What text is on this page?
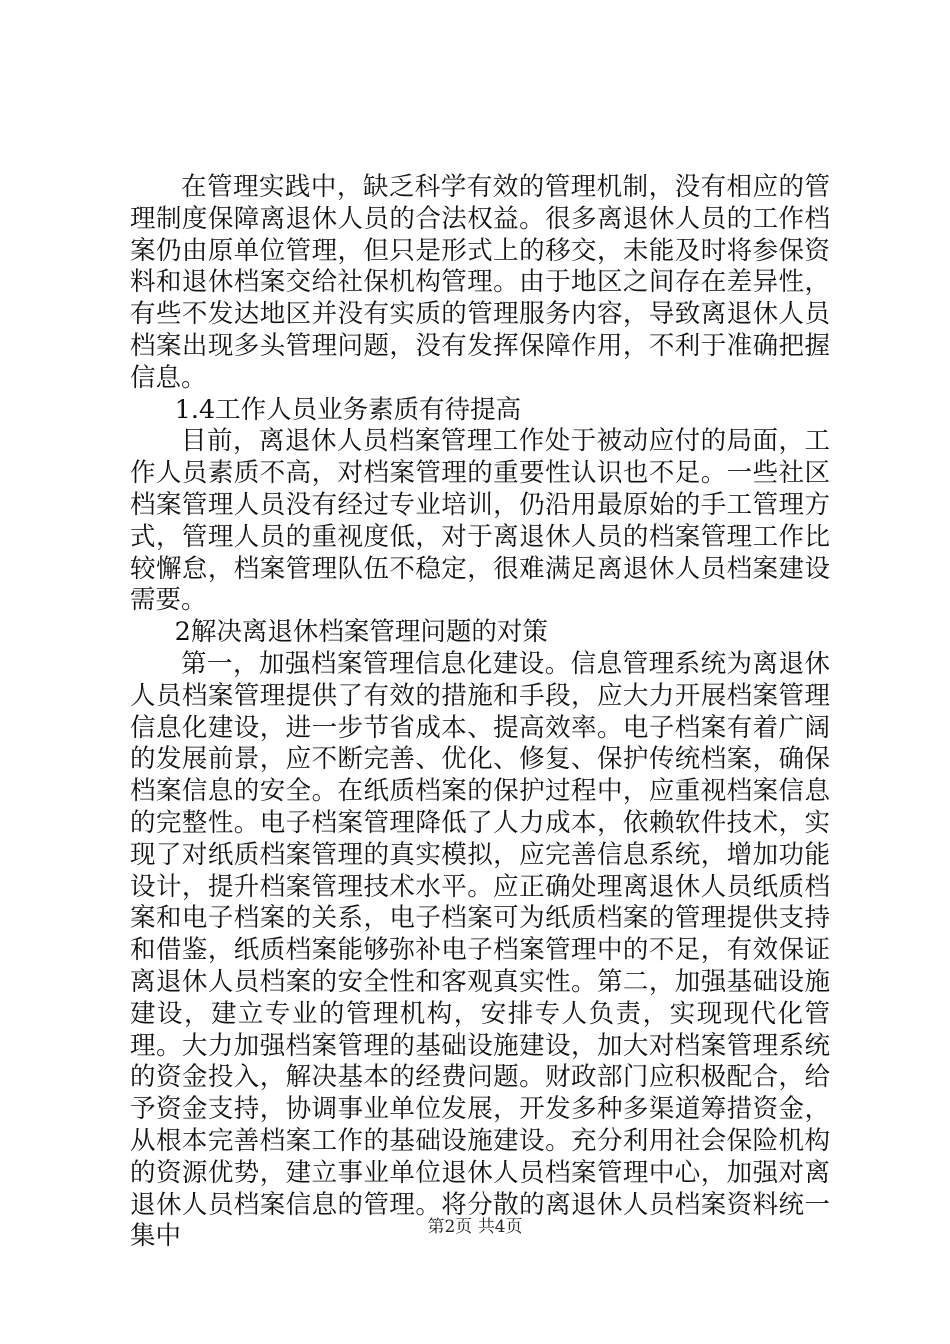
在管理实践中，缺乏科学有效的管理机制，没有相应的管理制度保障离退休人员的合法权益。很多离退休人员的工作档案仍由原单位管理，但只是形式上的移交，未能及时将参保资料和退休档案交给社保机构管理。由于地区之间存在差异性，有些不发达地区并没有实质的管理服务内容，导致离退休人员档案出现多头管理问题，没有发挥保障作用，不利于准确把握信息。

1.4工作人员业务素质有待提高

目前，离退休人员档案管理工作处于被动应付的局面，工作人员素质不高，对档案管理的重要性认识也不足。一些社区档案管理人员没有经过专业培训，仍沿用最原始的手工管理方式，管理人员的重视度低，对于离退休人员的档案管理工作比较懈怠，档案管理队伍不稳定，很难满足离退休人员档案建设需要。

2解决离退休档案管理问题的对策

第一，加强档案管理信息化建设。信息管理系统为离退休人员档案管理提供了有效的措施和手段，应大力开展档案管理信息化建设，进一步节省成本、提高效率。电子档案有着广阔的发展前景，应不断完善、优化、修复、保护传统档案，确保档案信息的安全。在纸质档案的保护过程中，应重视档案信息的完整性。电子档案管理降低了人力成本，依赖软件技术，实现了对纸质档案管理的真实模拟，应完善信息系统，增加功能设计，提升档案管理技术水平。应正确处理离退休人员纸质档案和电子档案的关系，电子档案可为纸质档案的管理提供支持和借鉴，纸质档案能够弥补电子档案管理中的不足，有效保证离退休人员档案的安全性和客观真实性。第二，加强基础设施建设，建立专业的管理机构，安排专人负责，实现现代化管理。大力加强档案管理的基础设施建设，加大对档案管理系统的资金投入，解决基本的经费问题。财政部门应积极配合，给予资金支持，协调事业单位发展，开发多种多渠道筹措资金，从根本完善档案工作的基础设施建设。充分利用社会保险机构的资源优势，建立事业单位退休人员档案管理中心，加强对离退休人员档案信息的管理。将分散的离退休人员档案资料统一集中	第2页 共4页
